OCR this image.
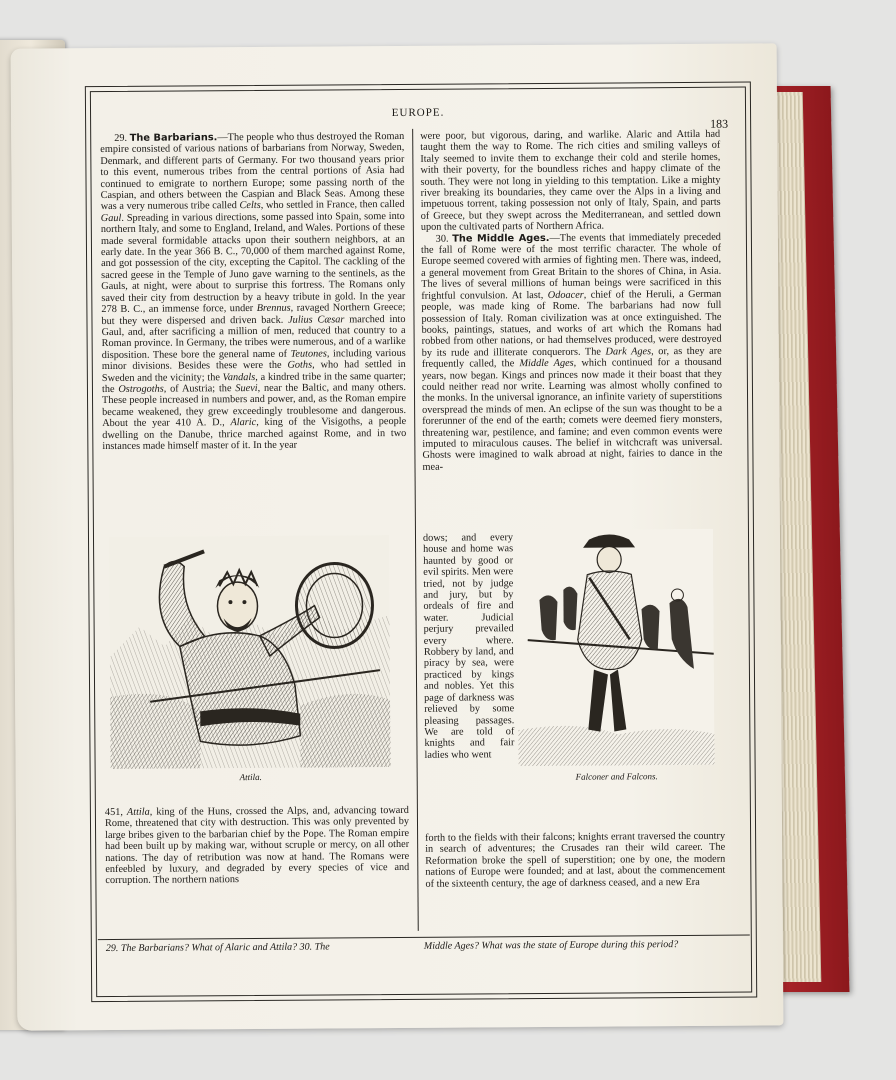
EUROPE.
183
29. The Barbarians.—The people who thus destroyed the Roman empire consisted of various nations of barbarians from Norway, Sweden, Denmark, and different parts of Germany. For two thousand years prior to this event, numerous tribes from the central portions of Asia had continued to emigrate to northern Europe; some passing north of the Caspian, and others between the Caspian and Black Seas. Among these was a very numerous tribe called Celts, who settled in France, then called Gaul. Spreading in various directions, some passed into Spain, some into northern Italy, and some to England, Ireland, and Wales. Portions of these made several formidable attacks upon their southern neighbors, at an early date. In the year 366 B. C., 70,000 of them marched against Rome, and got possession of the city, excepting the Capitol. The cackling of the sacred geese in the Temple of Juno gave warning to the sentinels, as the Gauls, at night, were about to surprise this fortress. The Romans only saved their city from destruction by a heavy tribute in gold. In the year 278 B. C., an immense force, under Brennus, ravaged Northern Greece; but they were dispersed and driven back. Julius Cæsar marched into Gaul, and, after sacrificing a million of men, reduced that country to a Roman province. In Germany, the tribes were numerous, and of a warlike disposition. These bore the general name of Teutones, including various minor divisions. Besides these were the Goths, who had settled in Sweden and the vicinity; the Vandals, a kindred tribe in the same quarter; the Ostrogoths, of Austria; the Suevi, near the Baltic, and many others. These people increased in numbers and power, and, as the Roman empire became weakened, they grew exceedingly troublesome and dangerous. About the year 410 A. D., Alaric, king of the Visigoths, a people dwelling on the Danube, thrice marched against Rome, and in two instances made himself master of it. In the year
were poor, but vigorous, daring, and warlike. Alaric and Attila had taught them the way to Rome. The rich cities and smiling valleys of Italy seemed to invite them to exchange their cold and sterile homes, with their poverty, for the boundless riches and happy climate of the south. They were not long in yielding to this temptation. Like a mighty river breaking its boundaries, they came over the Alps in a living and impetuous torrent, taking possession not only of Italy, Spain, and parts of Greece, but they swept across the Mediterranean, and settled down upon the cultivated parts of Northern Africa.
30. The Middle Ages.—The events that immediately preceded the fall of Rome were of the most terrific character. The whole of Europe seemed covered with armies of fighting men. There was, indeed, a general movement from Great Britain to the shores of China, in Asia. The lives of several millions of human beings were sacrificed in this frightful convulsion. At last, Odoacer, chief of the Heruli, a German people, was made king of Rome. The barbarians had now full possession of Italy. Roman civilization was at once extinguished. The books, paintings, statues, and works of art which the Romans had robbed from other nations, or had themselves produced, were destroyed by its rude and illiterate conquerors. The Dark Ages, or, as they are frequently called, the Middle Ages, which continued for a thousand years, now began. Kings and princes now made it their boast that they could neither read nor write. Learning was almost wholly confined to the monks. In the universal ignorance, an infinite variety of superstitions overspread the minds of men. An eclipse of the sun was thought to be a forerunner of the end of the earth; comets were deemed fiery monsters, threatening war, pestilence, and famine; and even common events were imputed to miraculous causes. The belief in witchcraft was universal. Ghosts were imagined to walk abroad at night, fairies to dance in the mea-
dows; and every house and home was haunted by good or evil spirits. Men were tried, not by judge and jury, but by ordeals of fire and water. Judicial perjury prevailed every where. Robbery by land, and piracy by sea, were practiced by kings and nobles. Yet this page of darkness was relieved by some pleasing passages. We are told of knights and fair ladies who went
451, Attila, king of the Huns, crossed the Alps, and, advancing toward Rome, threatened that city with destruction. This was only prevented by large bribes given to the barbarian chief by the Pope. The Roman empire had been built up by making war, without scruple or mercy, on all other nations. The day of retribution was now at hand. The Romans were enfeebled by luxury, and degraded by every species of vice and corruption. The northern nations
forth to the fields with their falcons; knights errant traversed the country in search of adventures; the Crusades ran their wild career. The Reformation broke the spell of superstition; one by one, the modern nations of Europe were founded; and at last, about the commencement of the sixteenth century, the age of darkness ceased, and a new Era
Attila.	Falconer and Falcons.
29. The Barbarians? What of Alaric and Attila? 30. The	Middle Ages? What was the state of Europe during this period?
